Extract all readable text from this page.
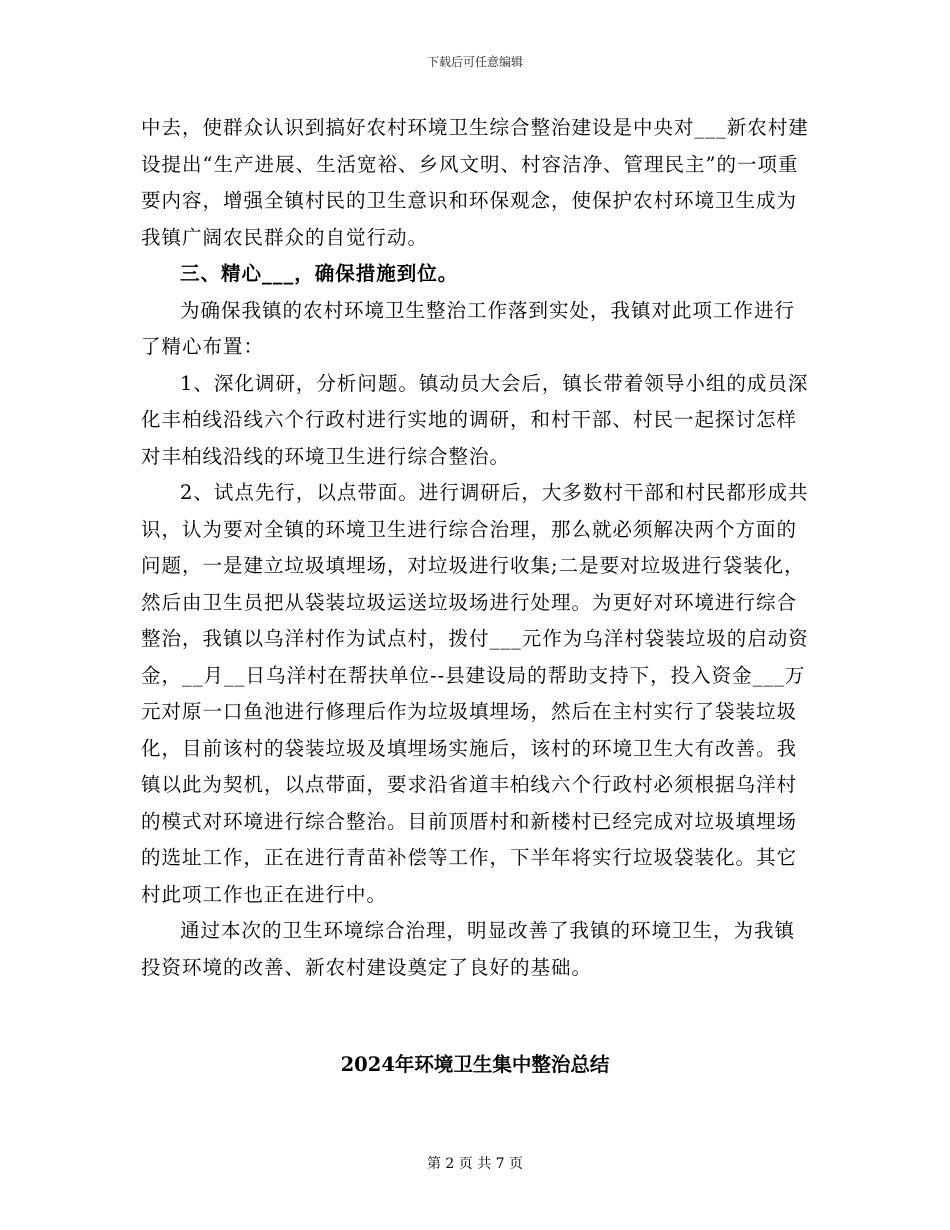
下载后可任意编辑

中去，使群众认识到搞好农村环境卫生综合整治建设是中央对___新农村建设提出“生产进展、生活宽裕、乡风文明、村容洁净、管理民主”的一项重要内容，增强全镇村民的卫生意识和环保观念，使保护农村环境卫生成为我镇广阔农民群众的自觉行动。

三、精心___，确保措施到位。

为确保我镇的农村环境卫生整治工作落到实处，我镇对此项工作进行了精心布置：

1、深化调研，分析问题。镇动员大会后，镇长带着领导小组的成员深化丰柏线沿线六个行政村进行实地的调研，和村干部、村民一起探讨怎样对丰柏线沿线的环境卫生进行综合整治。

2、试点先行，以点带面。进行调研后，大多数村干部和村民都形成共识，认为要对全镇的环境卫生进行综合治理，那么就必须解决两个方面的问题，一是建立垃圾填埋场，对垃圾进行收集;二是要对垃圾进行袋装化，然后由卫生员把从袋装垃圾运送垃圾场进行处理。为更好对环境进行综合整治，我镇以乌洋村作为试点村，拨付___元作为乌洋村袋装垃圾的启动资金，__月__日乌洋村在帮扶单位--县建设局的帮助支持下，投入资金___万元对原一口鱼池进行修理后作为垃圾填埋场，然后在主村实行了袋装垃圾化，目前该村的袋装垃圾及填埋场实施后，该村的环境卫生大有改善。我镇以此为契机，以点带面，要求沿省道丰柏线六个行政村必须根据乌洋村的模式对环境进行综合整治。目前顶厝村和新楼村已经完成对垃圾填埋场的选址工作，正在进行青苗补偿等工作，下半年将实行垃圾袋装化。其它村此项工作也正在进行中。

通过本次的卫生环境综合治理，明显改善了我镇的环境卫生，为我镇投资环境的改善、新农村建设奠定了良好的基础。

2024年环境卫生集中整治总结
第 2 页 共 7 页
